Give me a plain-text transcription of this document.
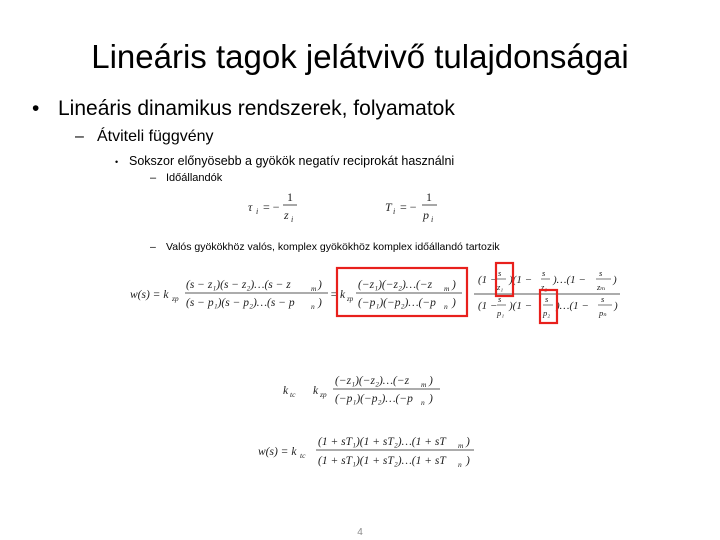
Lineáris tagok jelátvivő tulajdonságai
• Lineáris dinamikus rendszerek, folyamatok
– Átviteli függvény
• Sokszor előnyösebb a gyökök negatív reciprokát használni
– Időállandók
– Valós gyökökhöz valós, komplex gyökökhöz komplex időállandó tartozik
τ i = −
1
z i
T i = −
1
p i
w(s) = k zp
(s − z₁)(s − z₂)…(s − z	m )
(s − p₁)(s − p₂)…(s − p n )
= k zp
(−z₁)(−z₂)…(−z m )
(−p₁)(−p₂)…(−p n )
(1 −
s
z₁
)(1 −
s
z₂
)…(1 −
s
zₘ
)
(1 −
s
p₁
)(1 −
s
p₂
)…(1 −
s
pₙ
)
k tc k zp
(−z₁)(−z₂)…(−z m )
(−p₁)(−p₂)…(−p n )
w(s) = k tc
(1 + sT₁)(1 + sT₂)…(1 + sT m )
(1 + sT₁)(1 + sT₂)…(1 + sT n )
4
